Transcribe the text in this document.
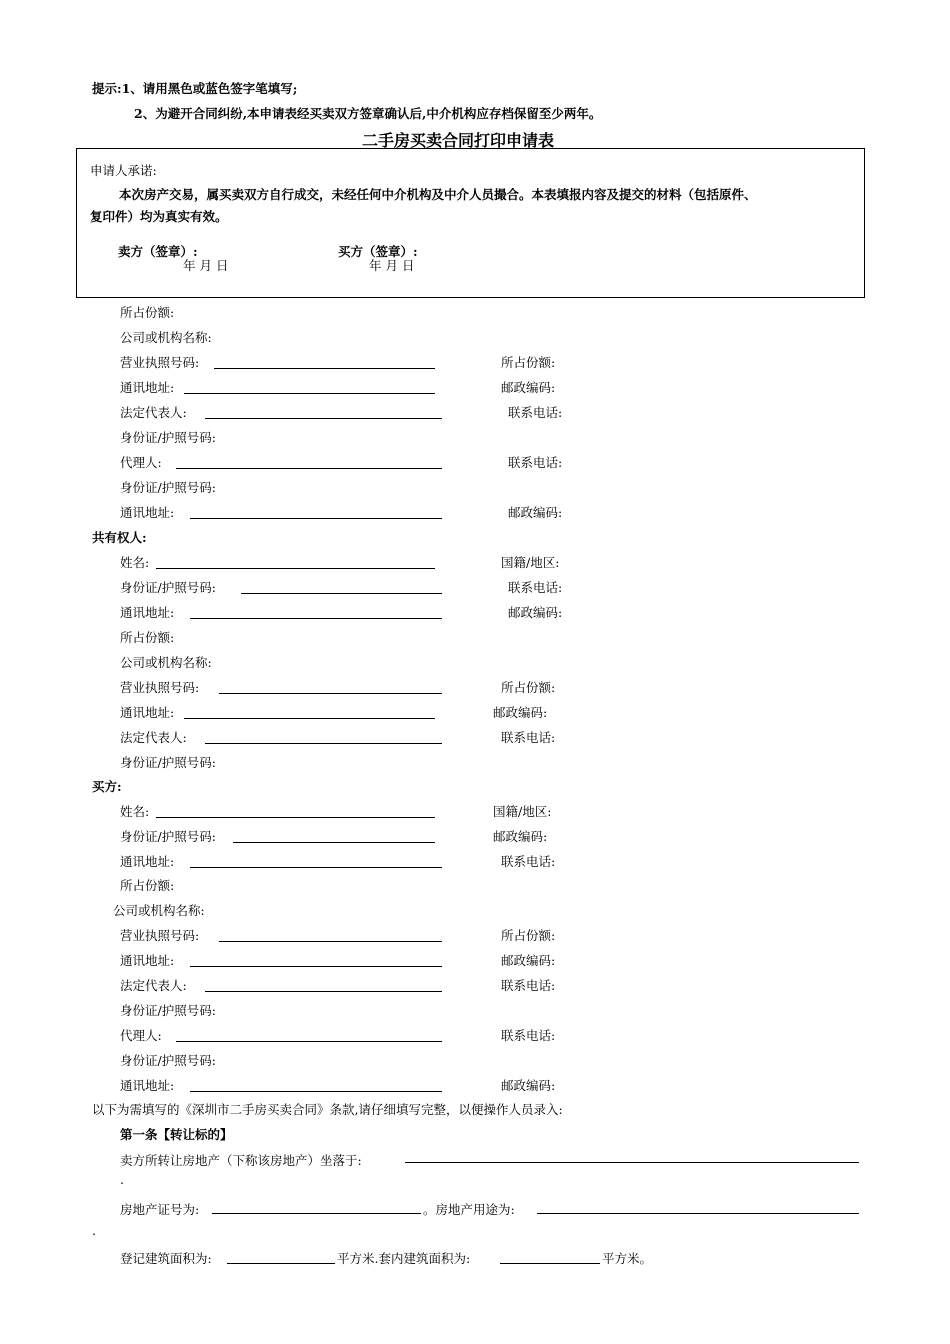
提示:1、请用黑色或蓝色签字笔填写;
2、为避开合同纠纷,本申请表经买卖双方签章确认后,中介机构应存档保留至少两年。
二手房买卖合同打印申请表
申请人承诺:
本次房产交易，属买卖双方自行成交，未经任何中介机构及中介人员撮合。本表填报内容及提交的材料（包括原件、
复印件）均为真实有效。
卖方（签章）:
年 月 日
买方（签章）:
年 月 日
所占份额:
公司或机构名称:
营业执照号码:	所占份额:
通讯地址:	邮政编码:
法定代表人:	联系电话:
身份证/护照号码:
代理人:	联系电话:
身份证/护照号码:
通讯地址:	邮政编码:
共有权人:
姓名:	国籍/地区:
身份证/护照号码:	联系电话:
通讯地址:	邮政编码:
所占份额:
公司或机构名称:
营业执照号码:	所占份额:
通讯地址:	邮政编码:
法定代表人:	联系电话:
身份证/护照号码:
买方:
姓名:	国籍/地区:
身份证/护照号码:	邮政编码:
通讯地址:	联系电话:
所占份额:
公司或机构名称:
营业执照号码:	所占份额:
通讯地址:	邮政编码:
法定代表人:	联系电话:
身份证/护照号码:
代理人:	联系电话:
身份证/护照号码:
通讯地址:	邮政编码:
以下为需填写的《深圳市二手房买卖合同》条款,请仔细填写完整，以便操作人员录入:
第一条【转让标的】
卖方所转让房地产（下称该房地产）坐落于:
.
房地产证号为:	。房地产用途为:
.
登记建筑面积为:	平方米.套内建筑面积为:	平方米。
